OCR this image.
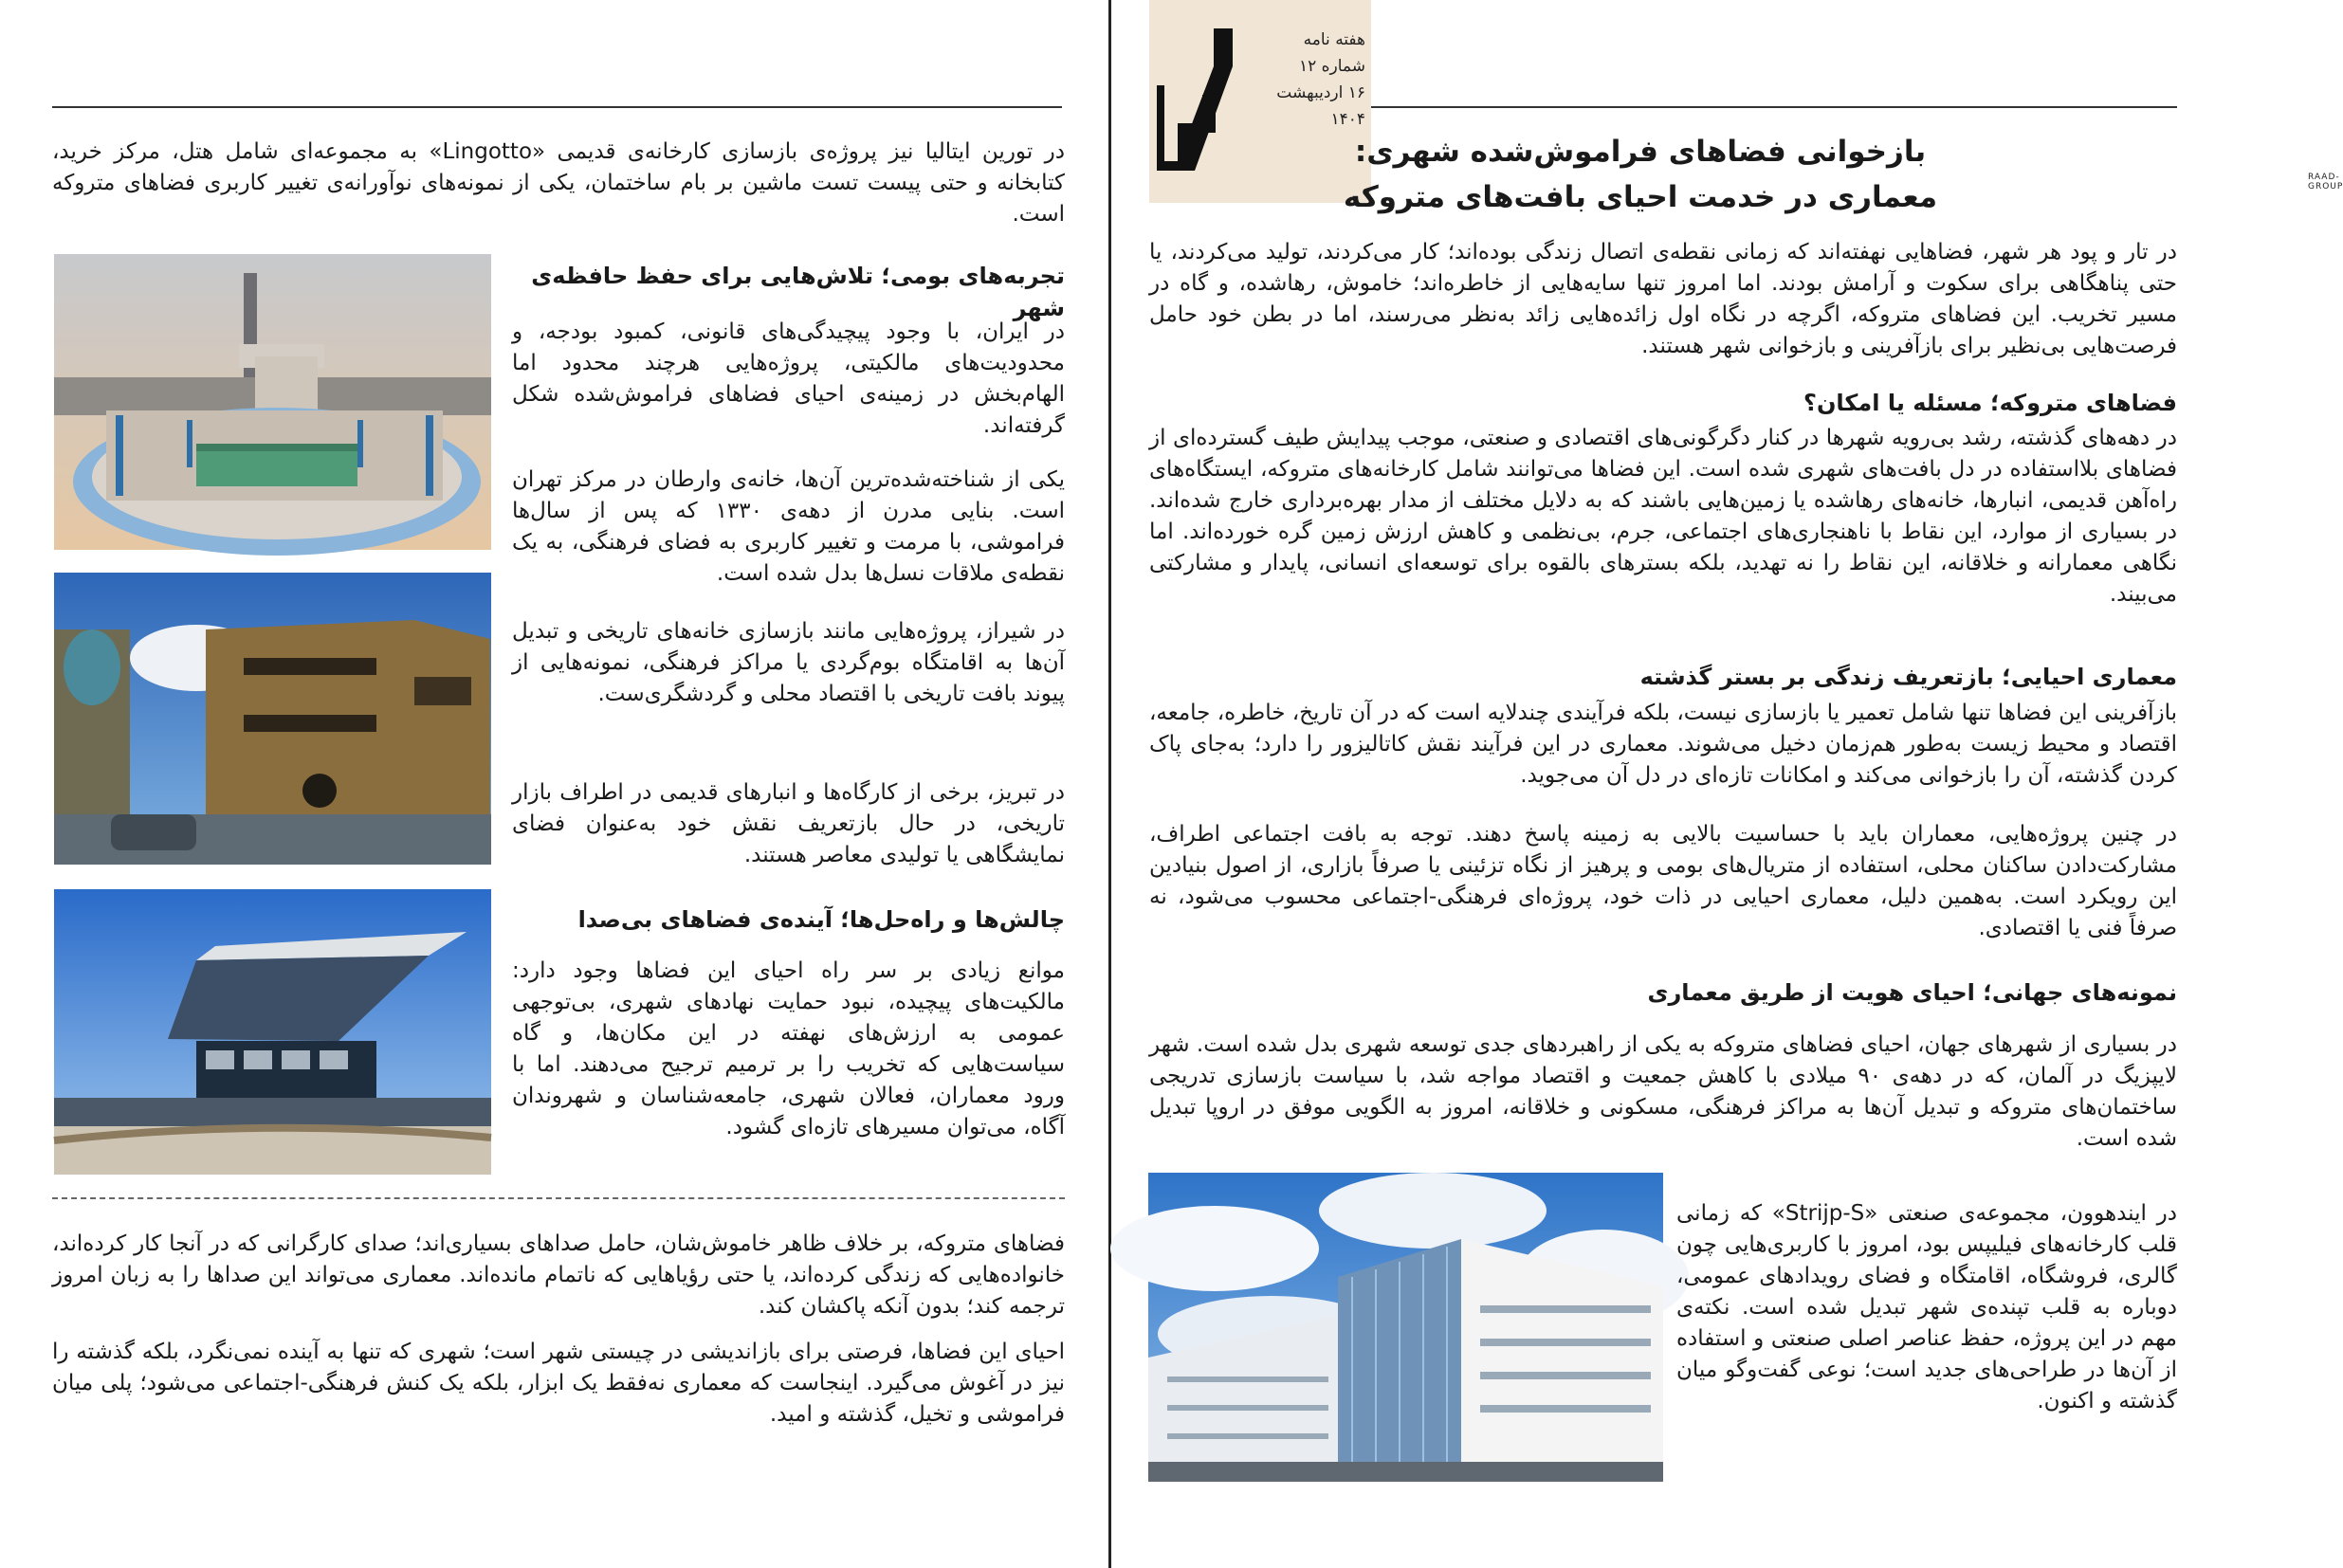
RAAD-GROUP
هفته نامه
شماره ۱۲
۱۶ اردیبهشت ۱۴۰۴
بازخوانی فضاهای فراموش‌شده شهری:
معماری در خدمت احیای بافت‌های متروکه

در تار و پود هر شهر، فضاهایی نهفته‌اند که زمانی نقطه‌ی اتصال زندگی بوده‌اند؛ کار می‌کردند، تولید می‌کردند، یا حتی پناهگاهی برای سکوت و آرامش بودند. اما امروز تنها سایه‌هایی از خاطره‌اند؛ خاموش، رهاشده، و گاه در مسیر تخریب. این فضاهای متروکه، اگرچه در نگاه اول زائده‌هایی زائد به‌نظر می‌رسند، اما در بطن خود حامل فرصت‌هایی بی‌نظیر برای بازآفرینی و بازخوانی شهر هستند.

فضاهای متروکه؛ مسئله یا امکان؟

در دهه‌های گذشته، رشد بی‌رویه شهرها در کنار دگرگونی‌های اقتصادی و صنعتی، موجب پیدایش طیف گسترده‌ای از فضاهای بلااستفاده در دل بافت‌های شهری شده است. این فضاها می‌توانند شامل کارخانه‌های متروکه، ایستگاه‌های راه‌آهن قدیمی، انبارها، خانه‌های رهاشده یا زمین‌هایی باشند که به دلایل مختلف از مدار بهره‌برداری خارج شده‌اند. در بسیاری از موارد، این نقاط با ناهنجاری‌های اجتماعی، جرم، بی‌نظمی و کاهش ارزش زمین گره خورده‌اند. اما نگاهی معمارانه و خلاقانه، این نقاط را نه تهدید، بلکه بسترهای بالقوه برای توسعه‌ای انسانی، پایدار و مشارکتی می‌بیند.

معماری احیایی؛ بازتعریف زندگی بر بستر گذشته

بازآفرینی این فضاها تنها شامل تعمیر یا بازسازی نیست، بلکه فرآیندی چندلایه است که در آن تاریخ، خاطره، جامعه، اقتصاد و محیط زیست به‌طور هم‌زمان دخیل می‌شوند. معماری در این فرآیند نقش کاتالیزور را دارد؛ به‌جای پاک کردن گذشته، آن را بازخوانی می‌کند و امکانات تازه‌ای در دل آن می‌جوید.

در چنین پروژه‌هایی، معماران باید با حساسیت بالایی به زمینه پاسخ دهند. توجه به بافت اجتماعی اطراف، مشارکت‌دادن ساکنان محلی، استفاده از متریال‌های بومی و پرهیز از نگاه تزئینی یا صرفاً بازاری، از اصول بنیادین این رویکرد است. به‌همین دلیل، معماری احیایی در ذات خود، پروژه‌ای فرهنگی-اجتماعی محسوب می‌شود، نه صرفاً فنی یا اقتصادی.

نمونه‌های جهانی؛ احیای هویت از طریق معماری

در بسیاری از شهرهای جهان، احیای فضاهای متروکه به یکی از راهبردهای جدی توسعه شهری بدل شده است. شهر لایپزیگ در آلمان، که در دهه‌ی ۹۰ میلادی با کاهش جمعیت و اقتصاد مواجه شد، با سیاست بازسازی تدریجی ساختمان‌های متروکه و تبدیل آن‌ها به مراکز فرهنگی، مسکونی و خلاقانه، امروز به الگویی موفق در اروپا تبدیل شده است.

در ایندهوون، مجموعه‌ی صنعتی «Strijp-S» که زمانی قلب کارخانه‌های فیلیپس بود، امروز با کاربری‌هایی چون گالری، فروشگاه، اقامتگاه و فضای رویدادهای عمومی، دوباره به قلب تپنده‌ی شهر تبدیل شده است. نکته‌ی مهم در این پروژه، حفظ عناصر اصلی صنعتی و استفاده از آن‌ها در طراحی‌های جدید است؛ نوعی گفت‌وگو میان گذشته و اکنون.

در تورین ایتالیا نیز پروژه‌ی بازسازی کارخانه‌ی قدیمی «Lingotto» به مجموعه‌ای شامل هتل، مرکز خرید، کتابخانه و حتی پیست تست ماشین بر بام ساختمان، یکی از نمونه‌های نوآورانه‌ی تغییر کاربری فضاهای متروکه است.

تجربه‌های بومی؛ تلاش‌هایی برای حفظ حافظه‌ی شهر

در ایران، با وجود پیچیدگی‌های قانونی، کمبود بودجه، و محدودیت‌های مالکیتی، پروژه‌هایی هرچند محدود اما الهام‌بخش در زمینه‌ی احیای فضاهای فراموش‌شده شکل گرفته‌اند.

یکی از شناخته‌شده‌ترین آن‌ها، خانه‌ی وارطان در مرکز تهران است. بنایی مدرن از دهه‌ی ۱۳۳۰ که پس از سال‌ها فراموشی، با مرمت و تغییر کاربری به فضای فرهنگی، به یک نقطه‌ی ملاقات نسل‌ها بدل شده است.

در شیراز، پروژه‌هایی مانند بازسازی خانه‌های تاریخی و تبدیل آن‌ها به اقامتگاه بوم‌گردی یا مراکز فرهنگی، نمونه‌هایی از پیوند بافت تاریخی با اقتصاد محلی و گردشگری‌ست.

در تبریز، برخی از کارگاه‌ها و انبارهای قدیمی در اطراف بازار تاریخی، در حال بازتعریف نقش خود به‌عنوان فضای نمایشگاهی یا تولیدی معاصر هستند.

چالش‌ها و راه‌حل‌ها؛ آینده‌ی فضاهای بی‌صدا

موانع زیادی بر سر راه احیای این فضاها وجود دارد: مالکیت‌های پیچیده، نبود حمایت نهادهای شهری، بی‌توجهی عمومی به ارزش‌های نهفته در این مکان‌ها، و گاه سیاست‌هایی که تخریب را بر ترمیم ترجیح می‌دهند. اما با ورود معماران، فعالان شهری، جامعه‌شناسان و شهروندان آگاه، می‌توان مسیرهای تازه‌ای گشود.

فضاهای متروکه، بر خلاف ظاهر خاموش‌شان، حامل صداهای بسیاری‌اند؛ صدای کارگرانی که در آنجا کار کرده‌اند، خانواده‌هایی که زندگی کرده‌اند، یا حتی رؤیاهایی که ناتمام مانده‌اند. معماری می‌تواند این صداها را به زبان امروز ترجمه کند؛ بدون آنکه پاکشان کند.

احیای این فضاها، فرصتی برای بازاندیشی در چیستی شهر است؛ شهری که تنها به آینده نمی‌نگرد، بلکه گذشته را نیز در آغوش می‌گیرد. اینجاست که معماری نه‌فقط یک ابزار، بلکه یک کنش فرهنگی-اجتماعی می‌شود؛ پلی میان فراموشی و تخیل، گذشته و امید.
